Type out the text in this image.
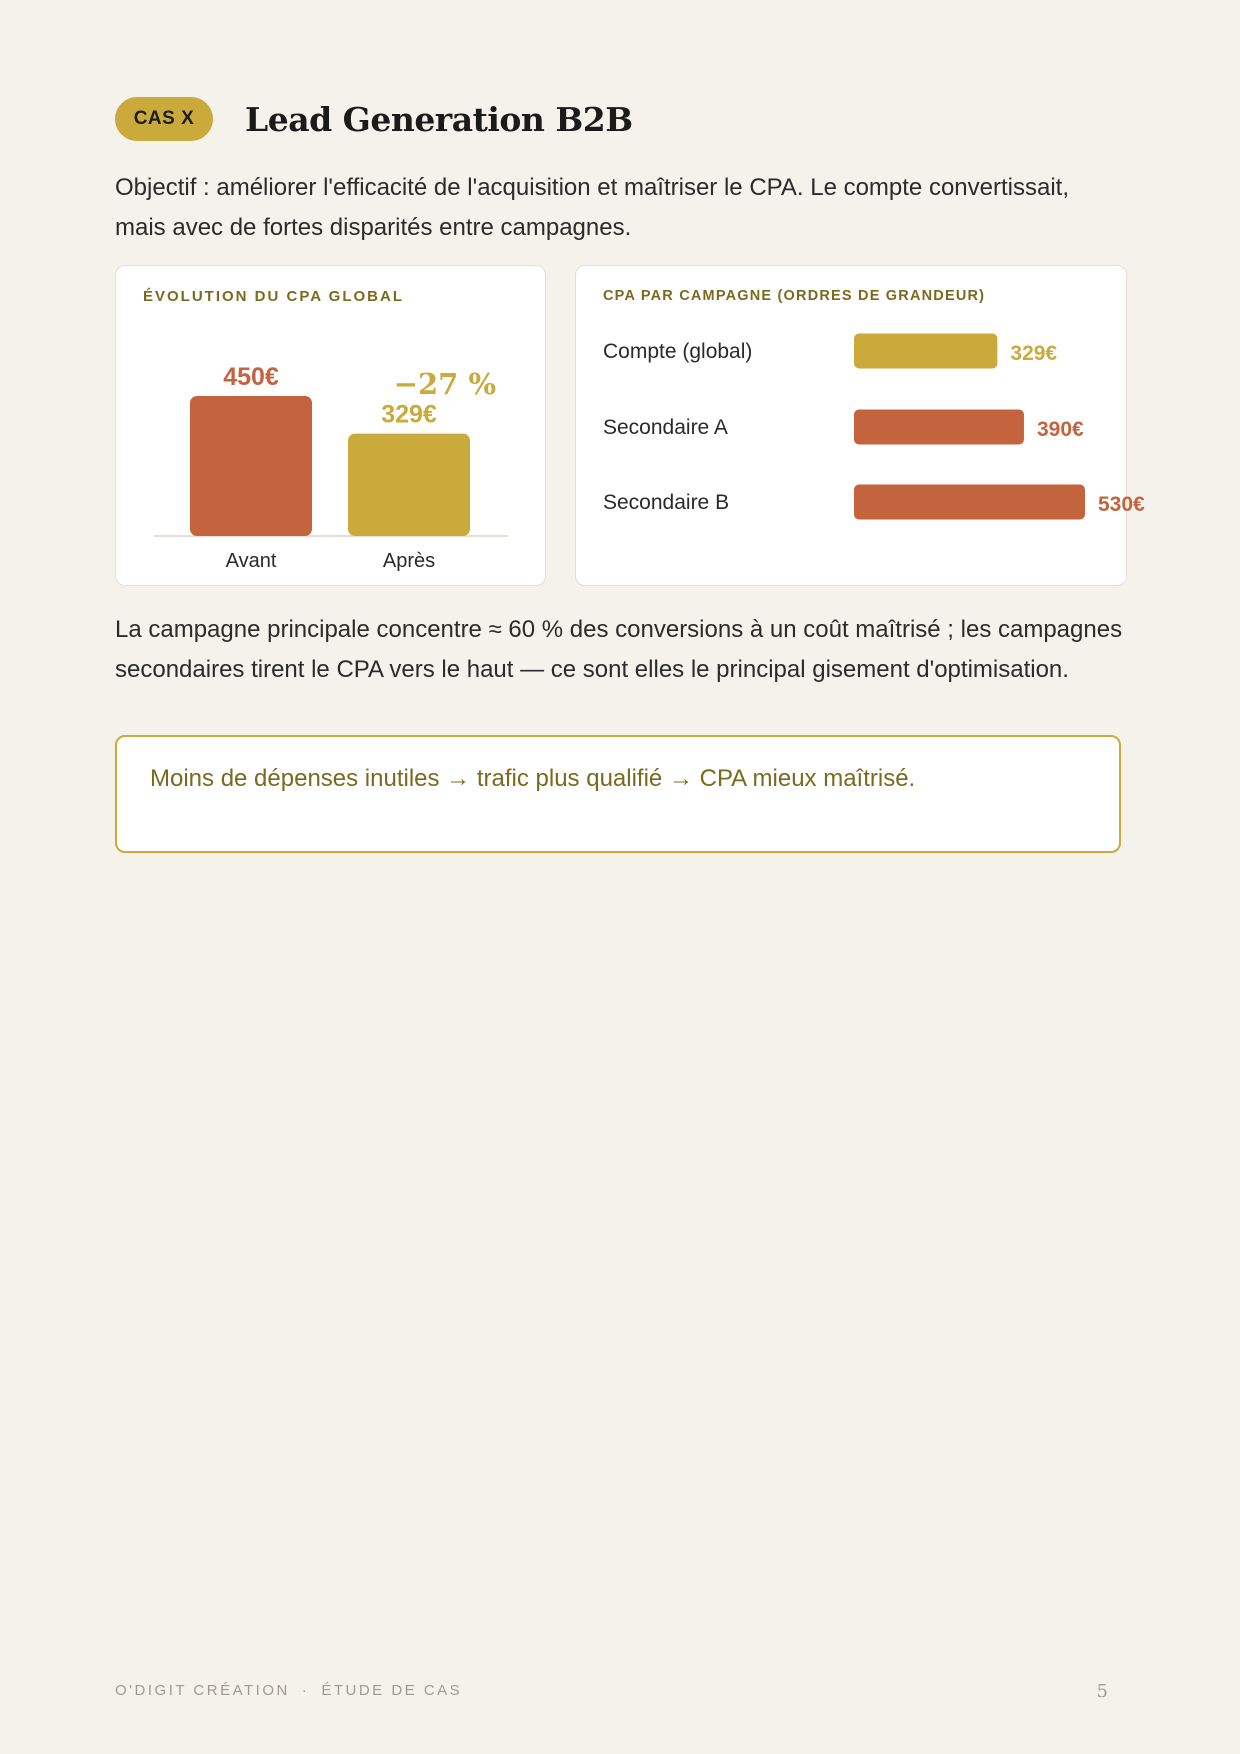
CAS X	Lead Generation B2B

Objectif : améliorer l'efficacité de l'acquisition et maîtriser le CPA. Le compte convertissait, mais avec de fortes disparités entre campagnes.

ÉVOLUTION DU CPA GLOBAL
450€
Avant
329€
Après
−27 %
CPA PAR CAMPAGNE (ORDRES DE GRANDEUR)
Compte (global)	329€
Secondaire A	390€
Secondaire B	530€

La campagne principale concentre ≈ 60 % des conversions à un coût maîtrisé ; les campagnes secondaires tirent le CPA vers le haut — ce sont elles le principal gisement d'optimisation.

Moins de dépenses inutiles → trafic plus qualifié → CPA mieux maîtrisé.
O'DIGIT CRÉATION · ÉTUDE DE CAS	5
